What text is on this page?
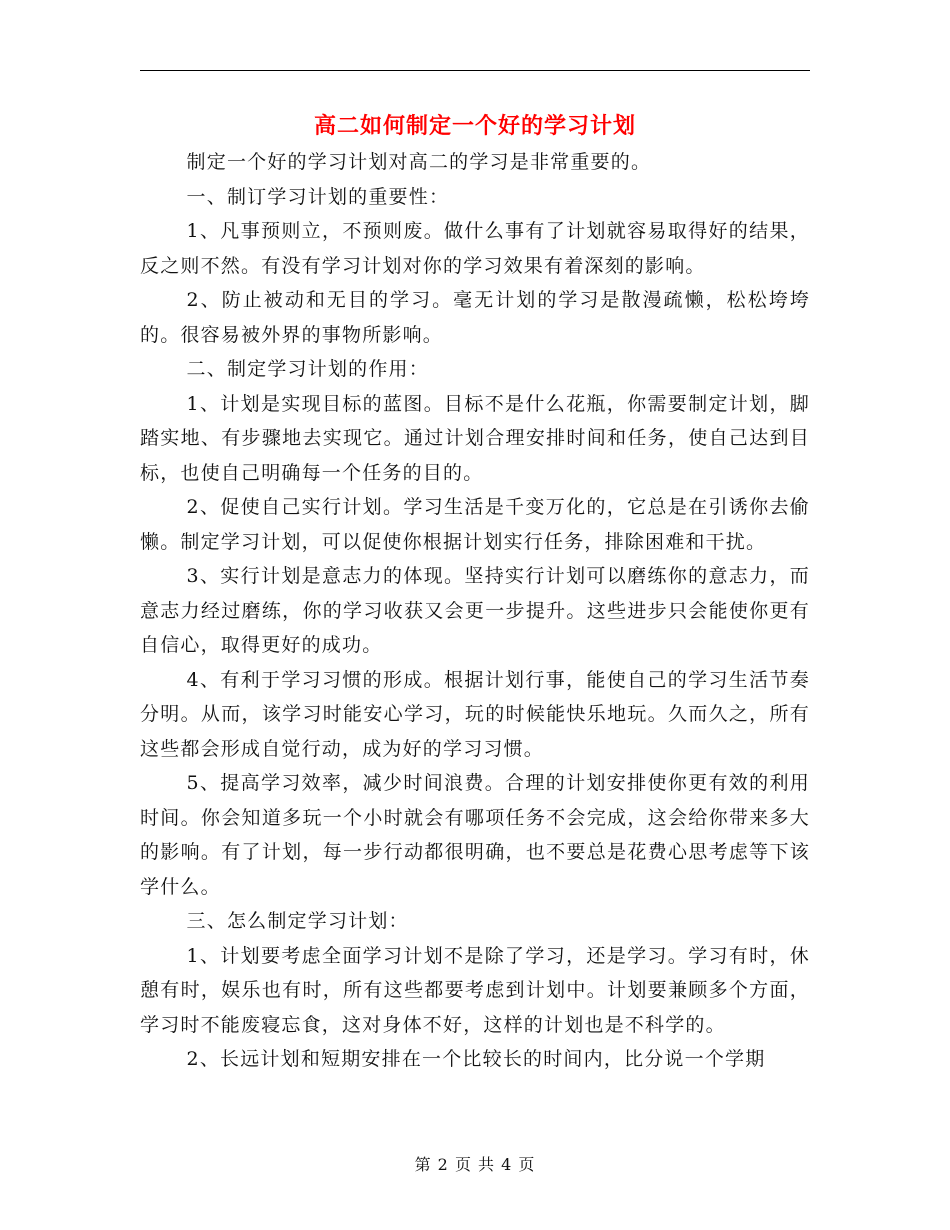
高二如何制定一个好的学习计划

制定一个好的学习计划对高二的学习是非常重要的。

一、制订学习计划的重要性：

1、凡事预则立，不预则废。做什么事有了计划就容易取得好的结果，反之则不然。有没有学习计划对你的学习效果有着深刻的影响。

2、防止被动和无目的学习。毫无计划的学习是散漫疏懒，松松垮垮的。很容易被外界的事物所影响。

二、制定学习计划的作用：

1、计划是实现目标的蓝图。目标不是什么花瓶，你需要制定计划，脚踏实地、有步骤地去实现它。通过计划合理安排时间和任务，使自己达到目标，也使自己明确每一个任务的目的。

2、促使自己实行计划。学习生活是千变万化的，它总是在引诱你去偷懒。制定学习计划，可以促使你根据计划实行任务，排除困难和干扰。

3、实行计划是意志力的体现。坚持实行计划可以磨练你的意志力，而意志力经过磨练，你的学习收获又会更一步提升。这些进步只会能使你更有自信心，取得更好的成功。

4、有利于学习习惯的形成。根据计划行事，能使自己的学习生活节奏分明。从而，该学习时能安心学习，玩的时候能快乐地玩。久而久之，所有这些都会形成自觉行动，成为好的学习习惯。

5、提高学习效率，减少时间浪费。合理的计划安排使你更有效的利用时间。你会知道多玩一个小时就会有哪项任务不会完成，这会给你带来多大的影响。有了计划，每一步行动都很明确，也不要总是花费心思考虑等下该学什么。

三、怎么制定学习计划：

1、计划要考虑全面学习计划不是除了学习，还是学习。学习有时，休憩有时，娱乐也有时，所有这些都要考虑到计划中。计划要兼顾多个方面，学习时不能废寝忘食，这对身体不好，这样的计划也是不科学的。

2、长远计划和短期安排在一个比较长的时间内，比分说一个学期

第 2 页 共 4 页
